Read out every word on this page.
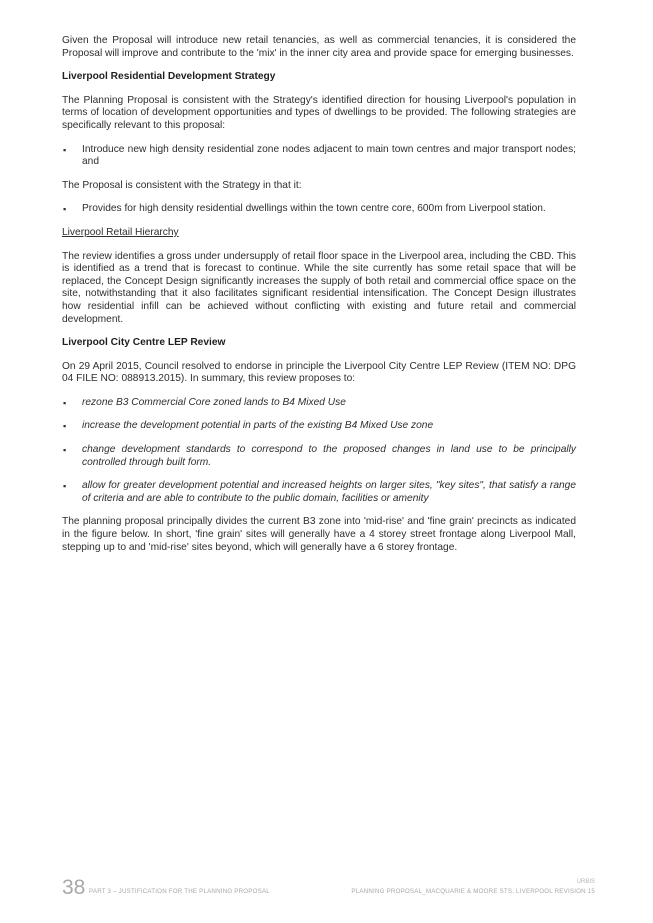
Given the Proposal will introduce new retail tenancies, as well as commercial tenancies, it is considered the Proposal will improve and contribute to the 'mix' in the inner city area and provide space for emerging businesses.

Liverpool Residential Development Strategy

The Planning Proposal is consistent with the Strategy's identified direction for housing Liverpool's population in terms of location of development opportunities and types of dwellings to be provided. The following strategies are specifically relevant to this proposal:

▪ Introduce new high density residential zone nodes adjacent to main town centres and major transport nodes; and

The Proposal is consistent with the Strategy in that it:

▪ Provides for high density residential dwellings within the town centre core, 600m from Liverpool station.

Liverpool Retail Hierarchy

The review identifies a gross under undersupply of retail floor space in the Liverpool area, including the CBD. This is identified as a trend that is forecast to continue. While the site currently has some retail space that will be replaced, the Concept Design significantly increases the supply of both retail and commercial office space on the site, notwithstanding that it also facilitates significant residential intensification. The Concept Design illustrates how residential infill can be achieved without conflicting with existing and future retail and commercial development.

Liverpool City Centre LEP Review

On 29 April 2015, Council resolved to endorse in principle the Liverpool City Centre LEP Review (ITEM NO: DPG 04 FILE NO: 088913.2015). In summary, this review proposes to:

▪ rezone B3 Commercial Core zoned lands to B4 Mixed Use
▪ increase the development potential in parts of the existing B4 Mixed Use zone
▪ change development standards to correspond to the proposed changes in land use to be principally controlled through built form.
▪ allow for greater development potential and increased heights on larger sites, "key sites", that satisfy a range of criteria and are able to contribute to the public domain, facilities or amenity

The planning proposal principally divides the current B3 zone into 'mid-rise' and 'fine grain' precincts as indicated in the figure below. In short, 'fine grain' sites will generally have a 4 storey street frontage along Liverpool Mall, stepping up to and 'mid-rise' sites beyond, which will generally have a 6 storey frontage.

38 PART 3 – JUSTIFICATION FOR THE PLANNING PROPOSAL
URBIS
PLANNING PROPOSAL_MACQUARIE & MOORE STS, LIVERPOOL REVISION 15
